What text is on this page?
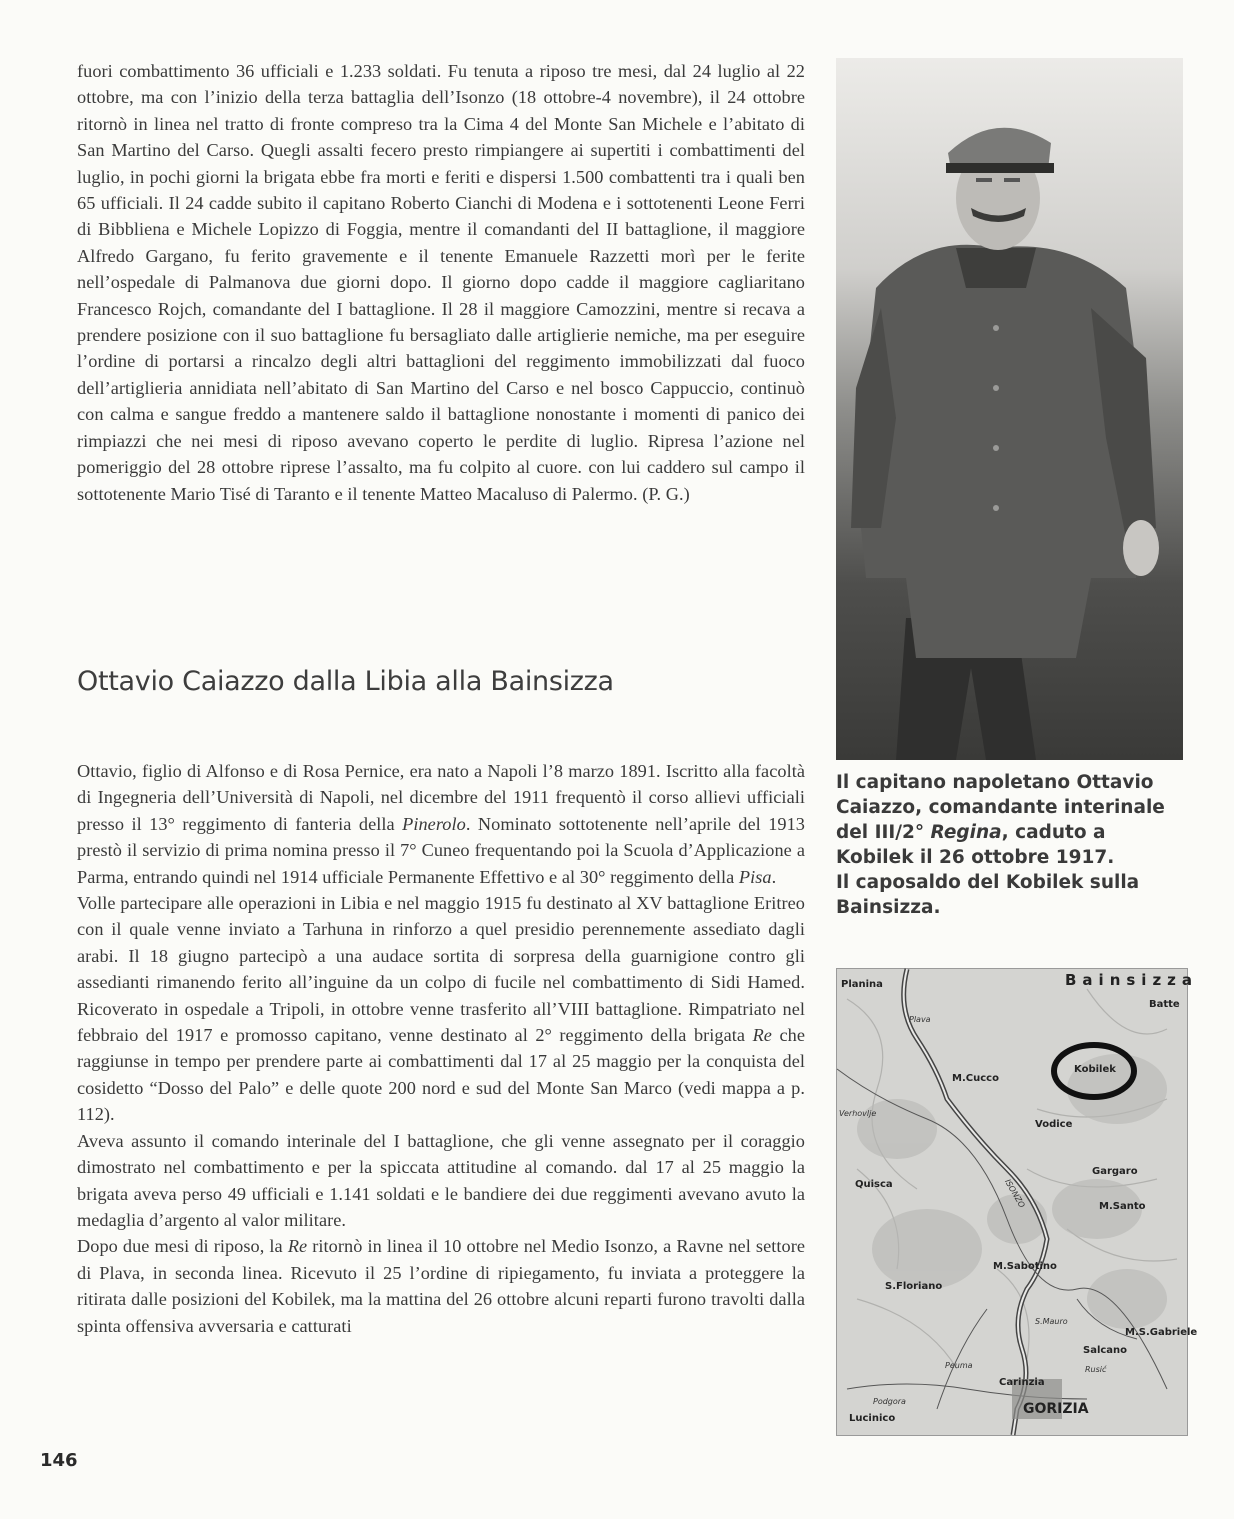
fuori combattimento 36 ufficiali e 1.233 soldati. Fu tenuta a riposo tre mesi, dal 24 luglio al 22 ottobre, ma con l’inizio della terza battaglia dell’Isonzo (18 ottobre-4 novembre), il 24 ottobre ritornò in linea nel tratto di fronte compreso tra la Cima 4 del Monte San Michele e l’abitato di San Martino del Carso. Quegli assalti fecero presto rimpiangere ai supertiti i combattimenti del luglio, in pochi giorni la brigata ebbe fra morti e feriti e dispersi 1.500 combattenti tra i quali ben 65 ufficiali. Il 24 cadde subito il capitano Roberto Cianchi di Modena e i sottotenenti Leone Ferri di Bibbliena e Michele Lopizzo di Foggia, mentre il comandanti del II battaglione, il maggiore Alfredo Gargano, fu ferito gravemente e il tenente Emanuele Razzetti morì per le ferite nell’ospedale di Palmanova due giorni dopo. Il giorno dopo cadde il maggiore cagliaritano Francesco Rojch, comandante del I battaglione. Il 28 il maggiore Camozzini, mentre si recava a prendere posizione con il suo battaglione fu bersagliato dalle artiglierie nemiche, ma per eseguire l’ordine di portarsi a rincalzo degli altri battaglioni del reggimento immobilizzati dal fuoco dell’artiglieria annidiata nell’abitato di San Martino del Carso e nel bosco Cappuccio, continuò con calma e sangue freddo a mantenere saldo il battaglione nonostante i momenti di panico dei rimpiazzi che nei mesi di riposo avevano coperto le perdite di luglio. Ripresa l’azione nel pomeriggio del 28 ottobre riprese l’assalto, ma fu colpito al cuore. con lui caddero sul campo il sottotenente Mario Tisé di Taranto e il tenente Matteo Macaluso di Palermo. (P. G.)

Ottavio Caiazzo dalla Libia alla Bainsizza

Ottavio, figlio di Alfonso e di Rosa Pernice, era nato a Napoli l’8 marzo 1891. Iscritto alla facoltà di Ingegneria dell’Università di Napoli, nel dicembre del 1911 frequentò il corso allievi ufficiali presso il 13° reggimento di fanteria della Pinerolo. Nominato sottotenente nell’aprile del 1913 prestò il servizio di prima nomina presso il 7° Cuneo frequentando poi la Scuola d’Applicazione a Parma, entrando quindi nel 1914 ufficiale Permanente Effettivo e al 30° reggimento della Pisa.

Volle partecipare alle operazioni in Libia e nel maggio 1915 fu destinato al XV battaglione Eritreo con il quale venne inviato a Tarhuna in rinforzo a quel presidio perennemente assediato dagli arabi. Il 18 giugno partecipò a una audace sortita di sorpresa della guarnigione contro gli assedianti rimanendo ferito all’inguine da un colpo di fucile nel combattimento di Sidi Hamed. Ricoverato in ospedale a Tripoli, in ottobre venne trasferito all’VIII battaglione. Rimpatriato nel febbraio del 1917 e promosso capitano, venne destinato al 2° reggimento della brigata Re che raggiunse in tempo per prendere parte ai combattimenti dal 17 al 25 maggio per la conquista del cosidetto “Dosso del Palo” e delle quote 200 nord e sud del Monte San Marco (vedi mappa a p. 112).

Aveva assunto il comando interinale del I battaglione, che gli venne assegnato per il coraggio dimostrato nel combattimento e per la spiccata attitudine al comando. dal 17 al 25 maggio la brigata aveva perso 49 ufficiali e 1.141 soldati e le bandiere dei due reggimenti avevano avuto la medaglia d’argento al valor militare.

Dopo due mesi di riposo, la Re ritornò in linea il 10 ottobre nel Medio Isonzo, a Ravne nel settore di Plava, in seconda linea. Ricevuto il 25 l’ordine di ripiegamento, fu inviata a proteggere la ritirata dalle posizioni del Kobilek, ma la mattina del 26 ottobre alcuni reparti furono travolti dalla spinta offensiva avversaria e catturati

146

Il capitano napoletano Ottavio Caiazzo, comandante interinale del III/2° Regina, caduto a Kobilek il 26 ottobre 1917.

Il caposaldo del Kobilek sulla Bainsizza.

Planina	Bainsizza
Batte
Plava
Kobilek
M.Cucco
Verhovlje
Vodice
Gargaro
Quisca
M.Santo
ISONZO
M.Sabotino
S.Floriano
S.Mauro
M.S.Gabriele
Salcano
Rusić
Peuma
Carinzia
Podgora
Lucinico
GORIZIA
